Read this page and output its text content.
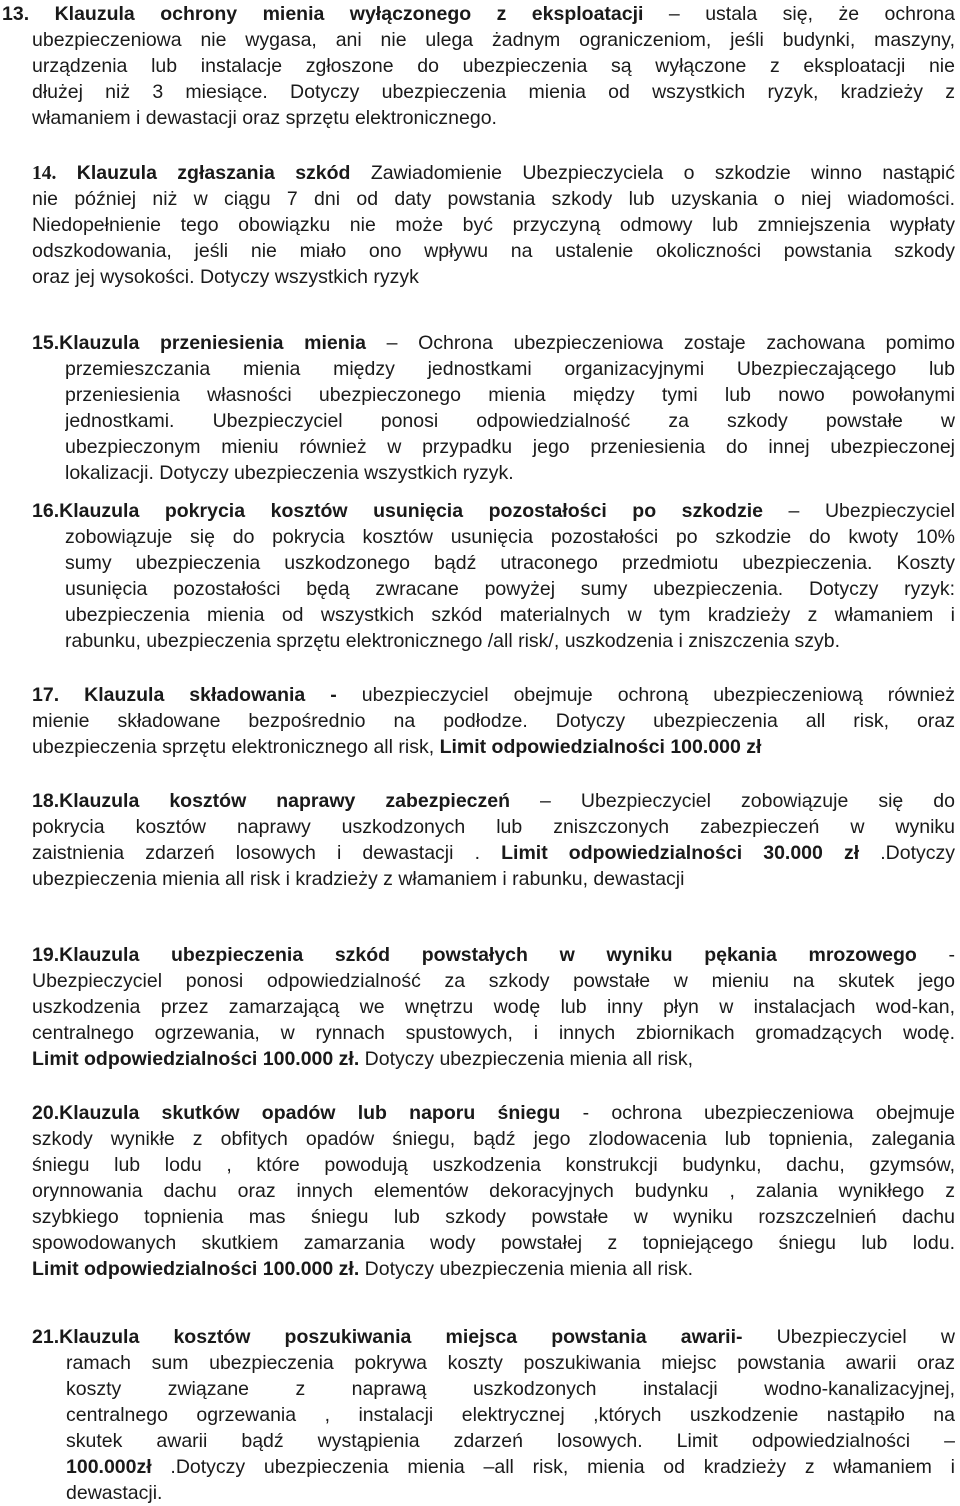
13. Klauzula ochrony mienia wyłączonego z eksploatacji – ustala się, że ochrona
ubezpieczeniowa nie wygasa, ani nie ulega żadnym ograniczeniom, jeśli budynki, maszyny,
urządzenia lub instalacje zgłoszone do ubezpieczenia są wyłączone z eksploatacji nie
dłużej niż 3 miesiące. Dotyczy ubezpieczenia mienia od wszystkich ryzyk, kradzieży z
włamaniem i dewastacji oraz sprzętu elektronicznego.
14. Klauzula zgłaszania szkód Zawiadomienie Ubezpieczyciela o szkodzie winno nastąpić
nie później niż w ciągu 7 dni od daty powstania szkody lub uzyskania o niej wiadomości.
Niedopełnienie tego obowiązku nie może być przyczyną odmowy lub zmniejszenia wypłaty
odszkodowania, jeśli nie miało ono wpływu na ustalenie okoliczności powstania szkody
oraz jej wysokości. Dotyczy wszystkich ryzyk
15.Klauzula przeniesienia mienia – Ochrona ubezpieczeniowa zostaje zachowana pomimo
przemieszczania mienia między jednostkami organizacyjnymi Ubezpieczającego lub
przeniesienia własności ubezpieczonego mienia między tymi lub nowo powołanymi
jednostkami. Ubezpieczyciel ponosi odpowiedzialność za szkody powstałe w
ubezpieczonym mieniu również w przypadku jego przeniesienia do innej ubezpieczonej
lokalizacji. Dotyczy ubezpieczenia wszystkich ryzyk.
16.Klauzula pokrycia kosztów usunięcia pozostałości po szkodzie – Ubezpieczyciel
zobowiązuje się do pokrycia kosztów usunięcia pozostałości po szkodzie do kwoty 10%
sumy ubezpieczenia uszkodzonego bądź utraconego przedmiotu ubezpieczenia. Koszty
usunięcia pozostałości będą zwracane powyżej sumy ubezpieczenia. Dotyczy ryzyk:
ubezpieczenia mienia od wszystkich szkód materialnych w tym kradzieży z włamaniem i
rabunku, ubezpieczenia sprzętu elektronicznego /all risk/, uszkodzenia i zniszczenia szyb.
17. Klauzula składowania - ubezpieczyciel obejmuje ochroną ubezpieczeniową również
mienie składowane bezpośrednio na podłodze. Dotyczy ubezpieczenia all risk, oraz
ubezpieczenia sprzętu elektronicznego all risk, Limit odpowiedzialności 100.000 zł
18.Klauzula kosztów naprawy zabezpieczeń – Ubezpieczyciel zobowiązuje się do
pokrycia kosztów naprawy uszkodzonych lub zniszczonych zabezpieczeń w wyniku
zaistnienia zdarzeń losowych i dewastacji . Limit odpowiedzialności 30.000 zł .Dotyczy
ubezpieczenia mienia all risk i kradzieży z włamaniem i rabunku, dewastacji
19.Klauzula ubezpieczenia szkód powstałych w wyniku pękania mrozowego -
Ubezpieczyciel ponosi odpowiedzialność za szkody powstałe w mieniu na skutek jego
uszkodzenia przez zamarzającą we wnętrzu wodę lub inny płyn w instalacjach wod-kan,
centralnego ogrzewania, w rynnach spustowych, i innych zbiornikach gromadzących wodę.
Limit odpowiedzialności 100.000 zł. Dotyczy ubezpieczenia mienia all risk,
20.Klauzula skutków opadów lub naporu śniegu - ochrona ubezpieczeniowa obejmuje
szkody wynikłe z obfitych opadów śniegu, bądź jego zlodowacenia lub topnienia, zalegania
śniegu lub lodu , które powodują uszkodzenia konstrukcji budynku, dachu, gzymsów,
orynnowania dachu oraz innych elementów dekoracyjnych budynku , zalania wynikłego z
szybkiego topnienia mas śniegu lub szkody powstałe w wyniku rozszczelnień dachu
spowodowanych skutkiem zamarzania wody powstałej z topniejącego śniegu lub lodu.
Limit odpowiedzialności 100.000 zł. Dotyczy ubezpieczenia mienia all risk.
21.Klauzula kosztów poszukiwania miejsca powstania awarii- Ubezpieczyciel w
ramach sum ubezpieczenia pokrywa koszty poszukiwania miejsc powstania awarii oraz
koszty związane z naprawą uszkodzonych instalacji wodno-kanalizacyjnej,
centralnego ogrzewania , instalacji elektrycznej ,których uszkodzenie nastąpiło na
skutek awarii bądź wystąpienia zdarzeń losowych. Limit odpowiedzialności –
100.000zł .Dotyczy ubezpieczenia mienia –all risk, mienia od kradzieży z włamaniem i
dewastacji.
